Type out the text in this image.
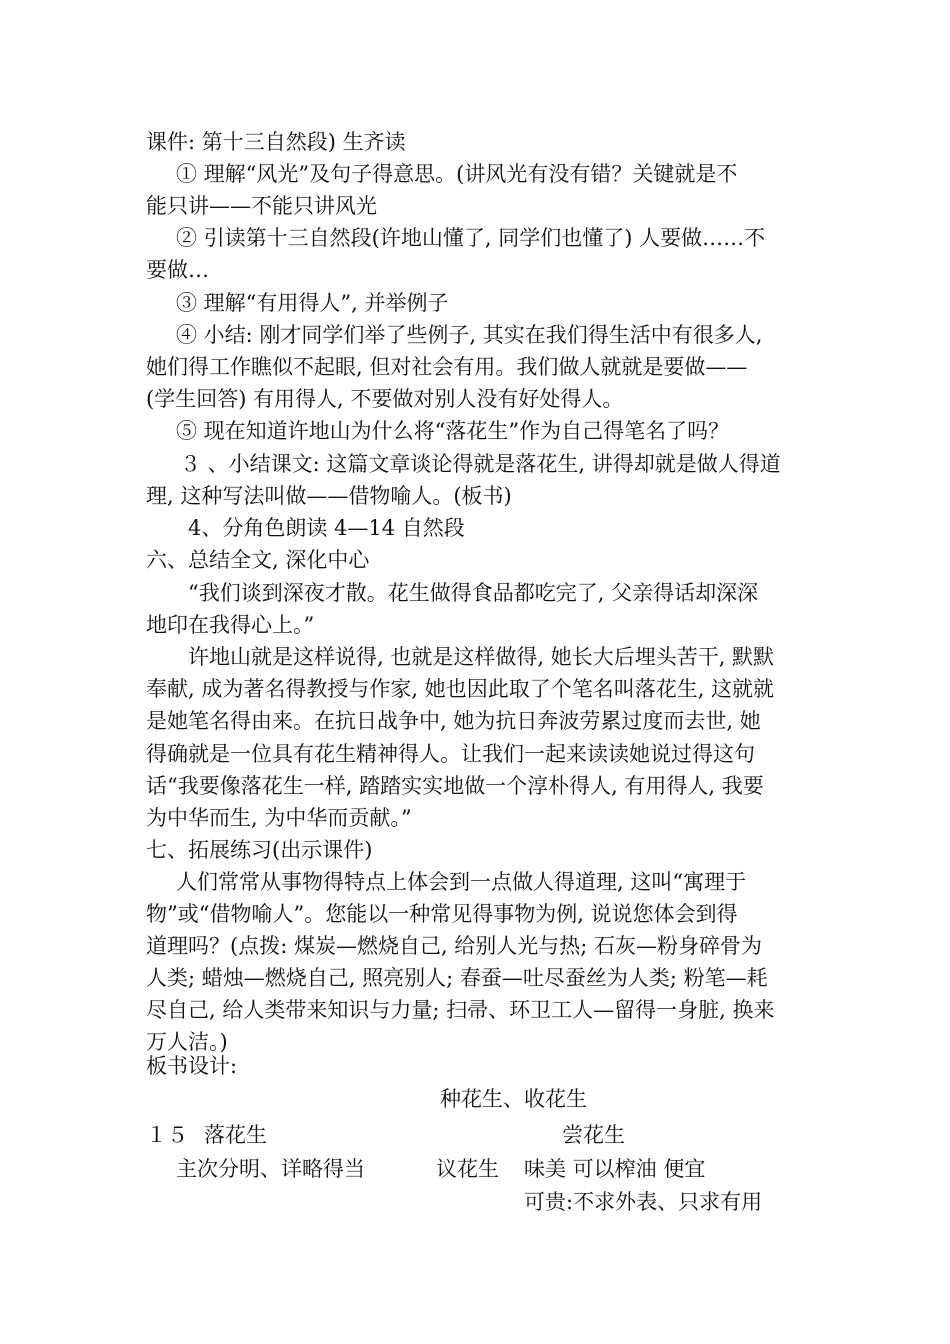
课件: 第十三自然段) 生齐读
① 理解“风光”及句子得意思。(讲风光有没有错？关键就是不
能只讲——不能只讲风光
② 引读第十三自然段(许地山懂了, 同学们也懂了) 人要做……不
要做…
③ 理解“有用得人”, 并举例子
④ 小结: 刚才同学们举了些例子, 其实在我们得生活中有很多人,
她们得工作瞧似不起眼, 但对社会有用。我们做人就就是要做——
(学生回答) 有用得人, 不要做对别人没有好处得人。
⑤ 现在知道许地山为什么将“落花生”作为自己得笔名了吗？
３ 、小结课文: 这篇文章谈论得就是落花生, 讲得却就是做人得道
理, 这种写法叫做——借物喻人。(板书)
4、分角色朗读 4—14 自然段
六、总结全文, 深化中心
“我们谈到深夜才散。花生做得食品都吃完了, 父亲得话却深深
地印在我得心上。”
许地山就是这样说得, 也就是这样做得, 她长大后埋头苦干, 默默
奉献, 成为著名得教授与作家, 她也因此取了个笔名叫落花生, 这就就
是她笔名得由来。在抗日战争中, 她为抗日奔波劳累过度而去世, 她
得确就是一位具有花生精神得人。让我们一起来读读她说过得这句
话“我要像落花生一样, 踏踏实实地做一个淳朴得人, 有用得人, 我要
为中华而生, 为中华而贡献。”
七、拓展练习(出示课件)
人们常常从事物得特点上体会到一点做人得道理, 这叫“寓理于
物”或“借物喻人”。您能以一种常见得事物为例, 说说您体会到得
道理吗？(点拨: 煤炭—燃烧自己, 给别人光与热; 石灰—粉身碎骨为
人类; 蜡烛—燃烧自己, 照亮别人; 春蚕—吐尽蚕丝为人类; 粉笔—耗
尽自己, 给人类带来知识与力量; 扫帚、环卫工人—留得一身脏, 换来
万人洁。)
板书设计:
种花生、收花生
１５ 落花生	尝花生
主次分明、详略得当	议花生 味美 可以榨油 便宜
可贵:不求外表、只求有用
